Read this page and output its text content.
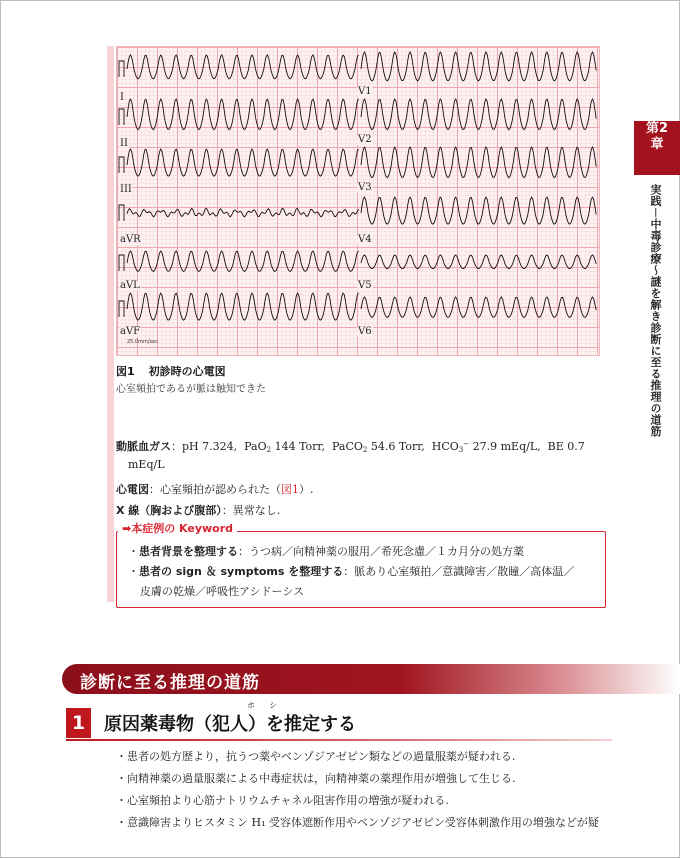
I
II
III
aVR
aVL
aVF
V1
V2
V3
V4
V5
V6
25.0mm/sec
図1 初診時の心電図
心室頻拍であるが脈は触知できた
動脈血ガス：pH 7.324, PaO$_2$ 144 Torr, PaCO$_2$ 54.6 Torr, $HCO_3^-$ 27.9 mEq/L, BE 0.7
mEq/L
心電図：心室頻拍が認められた（図1）.
X 線（胸および腹部）：異常なし.
➡本症例の Keyword
・患者背景を整理する：うつ病／向精神薬の服用／希死念慮／１カ月分の処方薬
・患者の sign ＆ symptoms を整理する：脈あり心室頻拍／意識障害／散瞳／高体温／
皮膚の乾燥／呼吸性アシドーシス
診断に至る推理の道筋
1
ホシ
原因薬毒物（犯人）を推定する
・患者の処方歴より，抗うつ薬やベンゾジアゼピン類などの過量服薬が疑われる.
・向精神薬の過量服薬による中毒症状は，向精神薬の薬理作用が増強して生じる.
・心室頻拍より心筋ナトリウムチャネル阻害作用の増強が疑われる.
・意識障害よりヒスタミン H₁ 受容体遮断作用やベンゾジアゼピン受容体刺激作用の増強などが疑
第2
章
実践－中毒診療～謎を解き診断に至る推理の道筋
